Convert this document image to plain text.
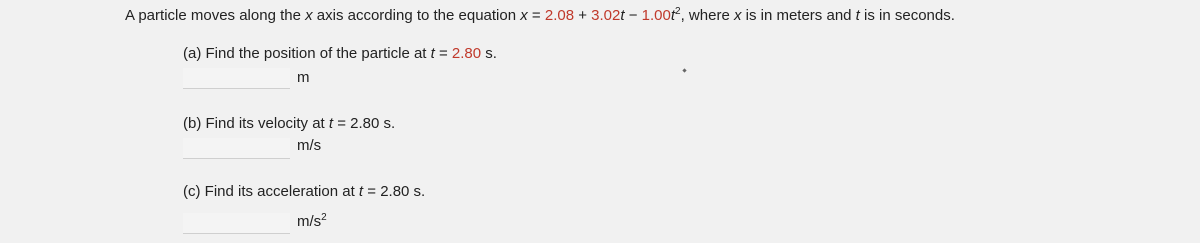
A particle moves along the x axis according to the equation $x = 2.08 + 3.02t - 1.00t^2$, where x is in meters and t is in seconds.
(a) Find the position of the particle at t = 2.80 s.
m
(b) Find its velocity at t = 2.80 s.
m/s
(c) Find its acceleration at t = 2.80 s.
$m/s^2$
